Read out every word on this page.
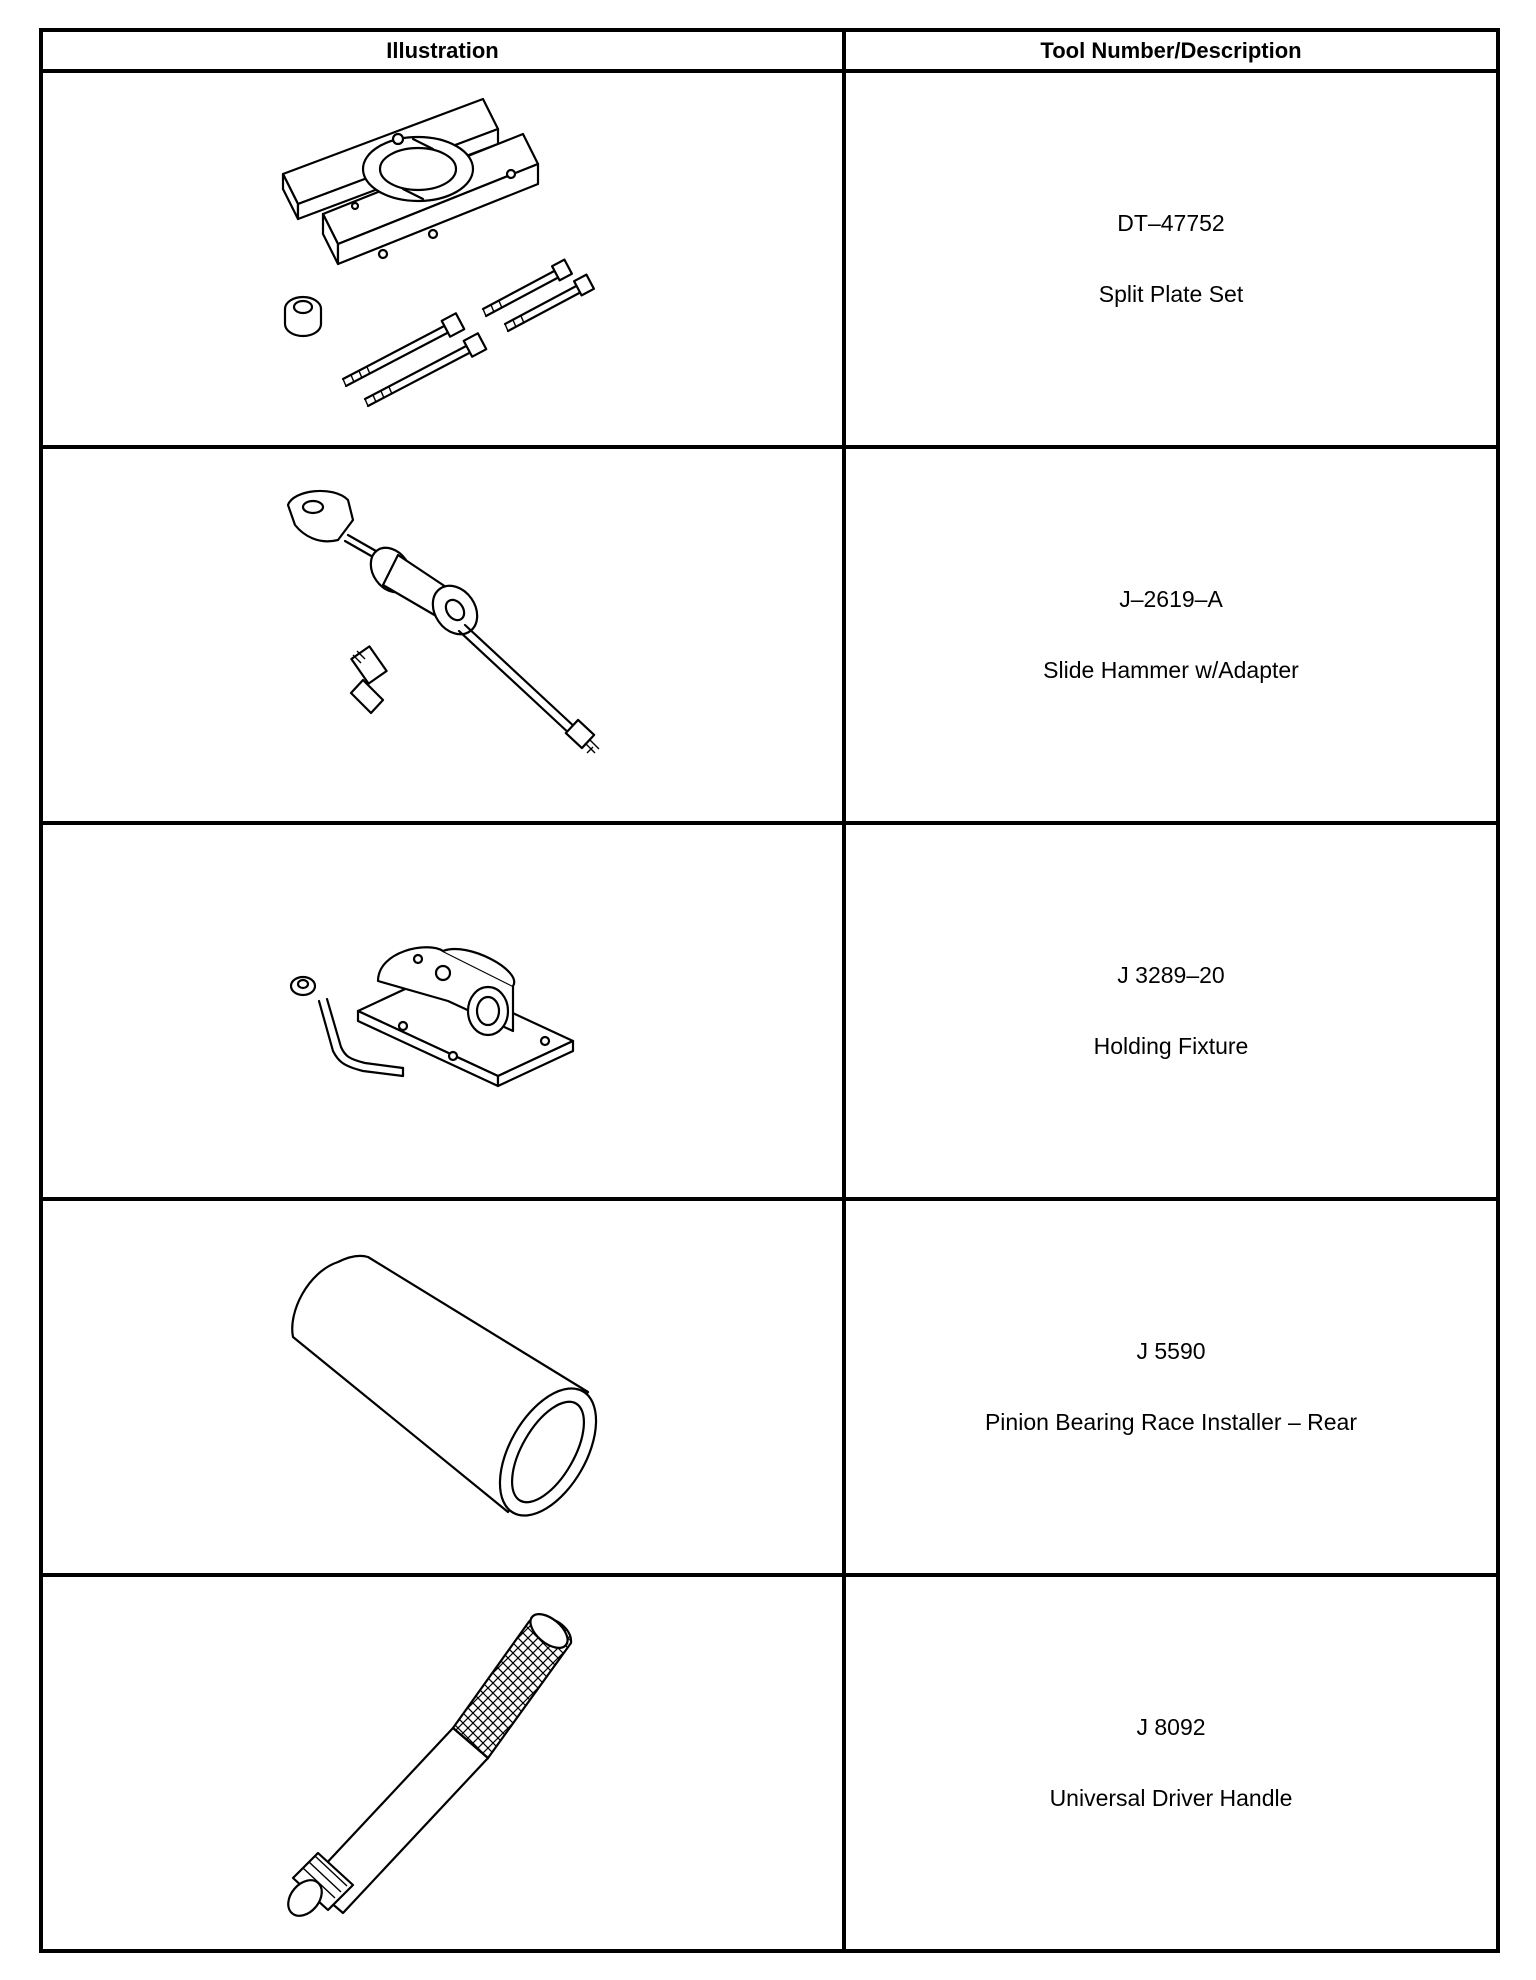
Illustration	Tool Number/Description

DT–47752
Split Plate Set

J–2619–A
Slide Hammer w/Adapter

J 3289–20
Holding Fixture

J 5590
Pinion Bearing Race Installer – Rear

J 8092
Universal Driver Handle
